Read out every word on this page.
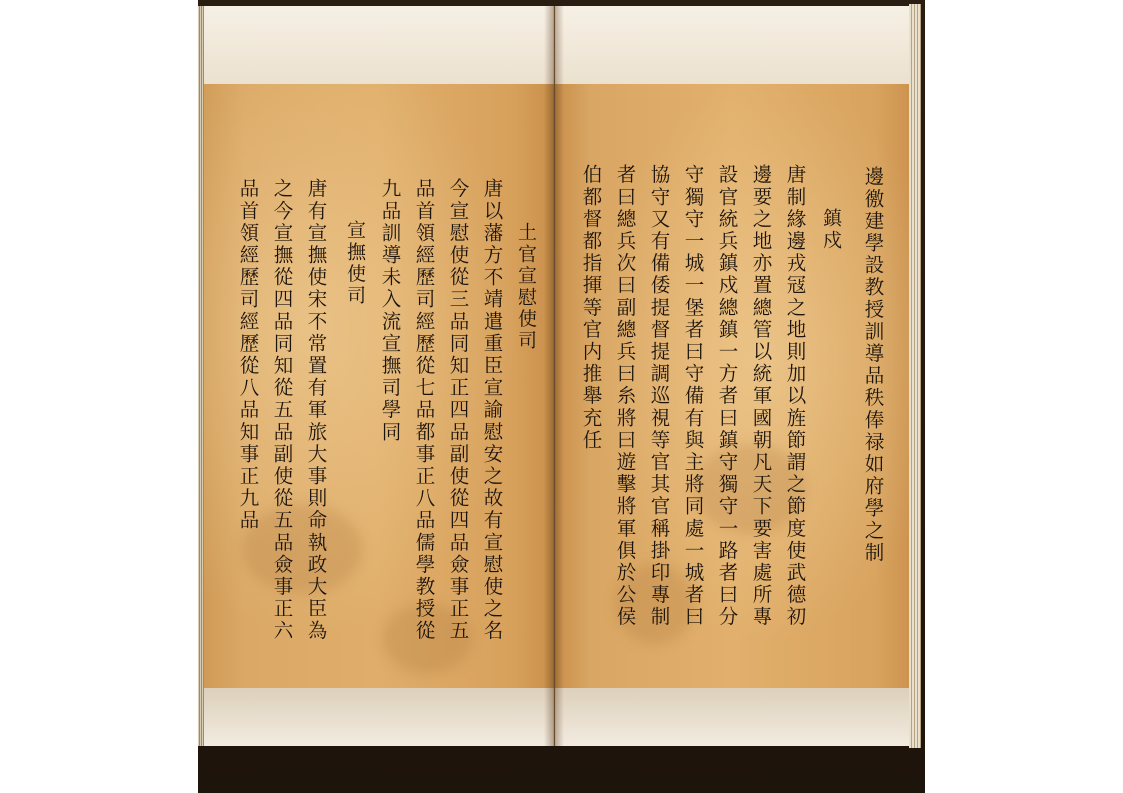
土官宣慰使司
唐以藩方不靖遣重臣宣諭慰安之故有宣慰使之名
今宣慰使從三品同知正四品副使從四品僉事正五
品首領經歷司經歷從七品都事正八品儒學教授從
九品訓導未入流宣撫司學同
宣撫使司
唐有宣撫使宋不常置有軍旅大事則命執政大臣為
之今宣撫從四品同知從五品副使從五品僉事正六
品首領經歷司經歷從八品知事正九品	邊徼建學設教授訓導品秩俸禄如府學之制
鎮戍
唐制緣邊戎冦之地則加以旌節謂之節度使武德初
邊要之地亦置總管以統軍國朝凡天下要害處所專
設官統兵鎮戍總鎮一方者曰鎮守獨守一路者曰分
守獨守一城一堡者曰守備有與主將同處一城者曰
協守又有備倭提督提調巡視等官其官稱掛印專制
者曰總兵次曰副總兵曰糸將曰遊擊將軍俱於公侯
伯都督都指揮等官内推舉充任
